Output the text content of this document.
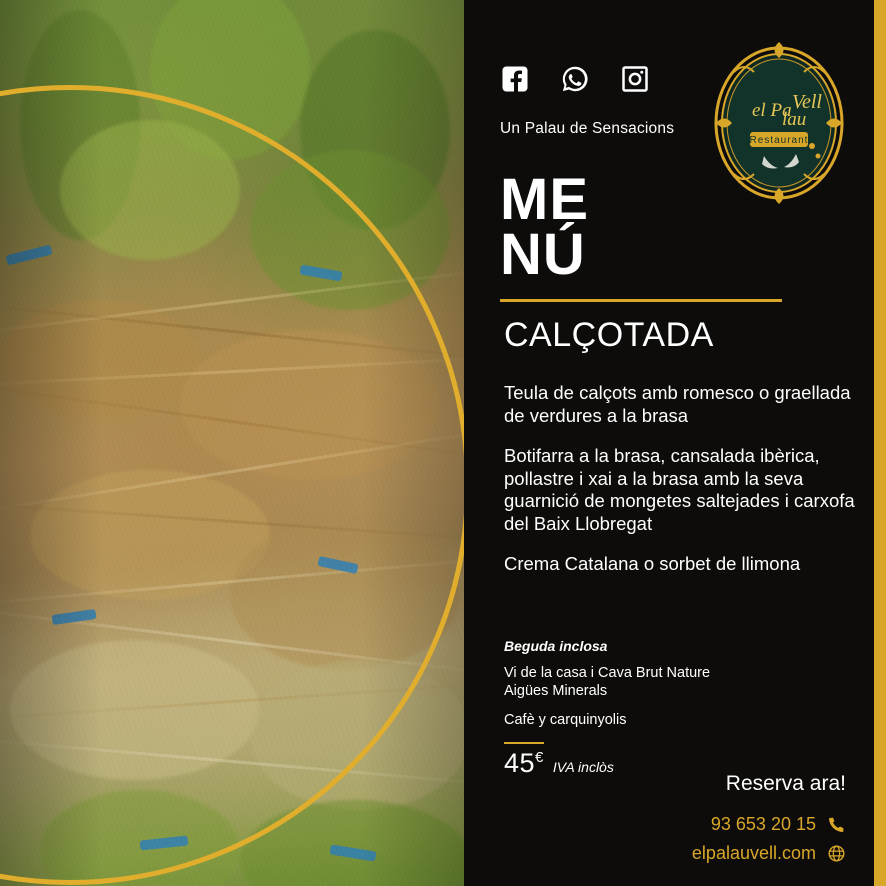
Un Palau de Sensacions
el Pa Vell
lau
Restaurant
ME
NÚ
CALÇOTADA
Teula de calçots amb romesco o graellada de verdures a la brasa
Botifarra a la brasa, cansalada ibèrica, pollastre i xai a la brasa amb la seva guarnició de mongetes saltejades i carxofa del Baix Llobregat
Crema Catalana o sorbet de llimona
Beguda inclosa
Vi de la casa i Cava Brut Nature
Aigües Minerals
Cafè y carquinyolis
45€
IVA inclòs
Reserva ara!
93 653 20 15
elpalauvell.com
